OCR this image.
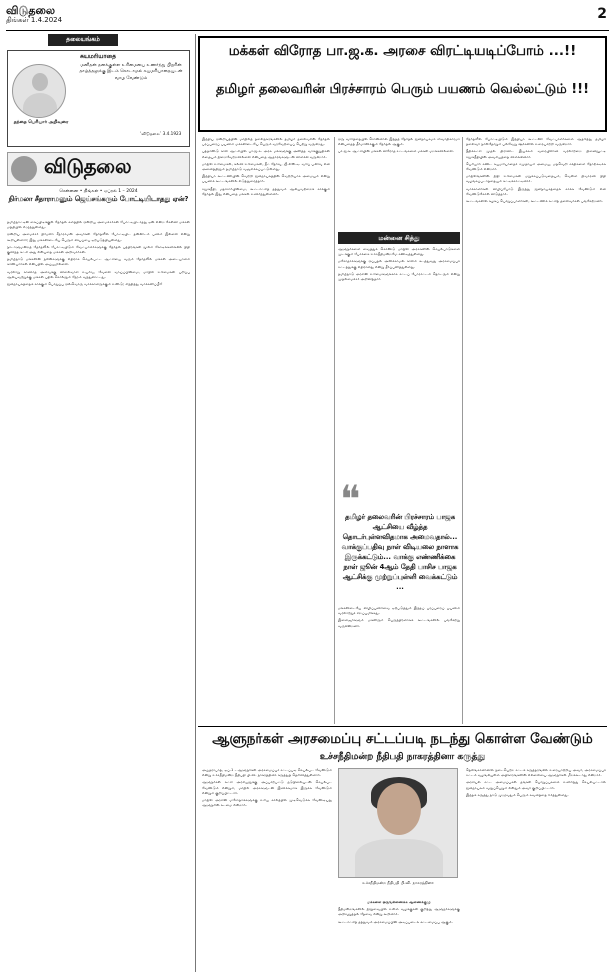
விடுதலை
திங்கள் 1.4.2024	2
தலையங்கம்
தந்தை பெரியார் அறிவுரை
சுயமரியாதை
மனிதன் தனக்குள்ள உரிமையை உணர்ந்து பிறரின் தாழ்த்தலுக்கு இடம் கொடாமல் சுயமரியாதையுடன் வாழ வேண்டும்
‘விடுதலை’ 3.4.1923
விடுதலை
சென்னை • திங்கள் • ஏப்ரல் 1 – 2024
நிர்மலா சீதாராமனும் ஜெய்சங்கரும் போட்டியிடாதது ஏன்?

தமிழ்நாட்டின் கைப்பிடிக்குள் தேர்தல் களத்தில் ஒன்றிய அமைச்சர்கள் போட்டியிடாதது ஏன் என்ற கேள்வி மக்கள் மத்தியில் எழுந்துள்ளது.

ஒன்றிய அமைச்சர் நிர்மலா சீதாராமன் அவர்கள் தேர்தலில் போட்டியிட தன்னிடம் பணம் இல்லை என்று கூறியுள்ளார்; இது மக்களிடையே பெரும் வியப்பை ஏற்படுத்தியுள்ளது.

நாடாளுமன்றத் தேர்தலில் போட்டியிடும் வேட்பாளர்களுக்கு தேர்தல் பத்திரங்கள் மூலம் கோடிக்கணக்கில் நிதி குவிந்த கட்சி அது என்பதை மக்கள் அறிவார்கள்.

தமிழ்நாடு மக்களின் நலன்களுக்கு எதிராக செயல்பட்ட ஆட்சியை வரும் தேர்தலில் மக்கள் அடையாளம் காண்பார்கள் என்பதில் அய்யமில்லை.

வரலாறு காணாத அளவுக்கு விலைவாசி உயர்வு, வேலை வாய்ப்பின்மை, மாநில உரிமைகள் பறிப்பு ஆகியவற்றுக்கு மக்கள் பதில் சொல்லும் நேரம் வந்துவிட்டது.

ஜனநாயகத்தைக் காக்கும் பொறுப்பு ஒவ்வொரு வாக்காளருக்கும் உண்டு; சிந்தித்து வாக்களிப்பீர்!

மக்கள் விரோத பா.ஜ.க. அரசை விரட்டியடிப்போம் ...!!
தமிழர் தலைவரின் பிரச்சாரம் பெரும் பயணம் வெல்லட்டும் !!!

இந்திய ஒன்றியத்தின் மாநிலத் தலைநகரங்களில் தமிழர் தலைவரின் தேர்தல் பரப்புரைப் பயணம் மக்களிடையே பெரும் வரவேற்பைப் பெற்று வருகிறது.

பத்தாண்டு கால ஆட்சியில் பா.ஜ.க. அரசு மக்களுக்கு அளித்த வாக்குறுதிகள் எதையும் நிறைவேற்றவில்லை என்பதை ஆதாரங்களுடன் விளக்கி வருகிறார்.

மாநில உரிமைகள், கல்வி உரிமைகள், நீட் தேர்வு, ஜி.எஸ்.டி. வரிப் பகிர்வு என அனைத்திலும் தமிழ்நாடு வஞ்சிக்கப்பட்டுள்ளது.

இந்தியா கூட்டணியின் வெற்றி ஜனநாயகத்தின் வெற்றியாக அமையும் என்று பயணக் கூட்டங்களில் எடுத்துரைத்தார்.

சமூகநீதி, மதச்சார்பின்மை, கூட்டாட்சித் தத்துவம் ஆகியவற்றைக் காக்கும் தேர்தல் இது என்பதை மக்கள் உணர்ந்துள்ளனர்.

ஒரு வார்த்தையில் சொன்னால் இந்தத் தேர்தல் ஜனநாயகமா சர்வாதிகாரமா என்பதைத் தீர்மானிக்கும் தேர்தல் ஆகும்.

பா.ஜ.க. ஆட்சியின் மக்கள் விரோத சட்டங்களை மக்கள் மறக்கவில்லை.

மன்னை சித்து

ஆளுநர்களை வைத்துக் கொண்டு மாநில அரசுகளின் செயல்பாடுகளை முடக்கும் போக்கை உச்சநீதிமன்றமே கண்டித்துள்ளது.

மசோதாக்களுக்கு ஒப்புதல் அளிக்காமல் காலம் கடத்துவது அரசமைப்புச் சட்டத்துக்கு எதிரானது என்று தீர்ப்பளித்துள்ளது.

தமிழ்நாடு அரசின் உரிமைகளுக்காக சட்டப் போராட்டம் தொடரும் என்று முதலமைச்சர் அறிவித்தார்.

❝
தமிழர் தலைவரின் பிரச்சாரம் பாஜக ஆட்சியை வீழ்த்த தொடர்புள்ளவிதமாக அமைவதால்... வாக்குப்பதிவு நாள் விடியலை நாளாக இருக்கட்டும்... வாக்கு எண்ணிக்கை நாள் ஜூன் 4ஆம் தேதி பாசிச பாஜக ஆட்சிக்கு முற்றுப்புள்ளி வைக்கட்டும் ...

மக்களிடையே விழிப்புணர்வை ஏற்படுத்தும் இந்தப் பரப்புரைப் பயணம் வரலாற்றுச் சிறப்புமிக்கது.

இளைஞர்களும் மகளிரும் பெருந்திரளாகக் கூட்டங்களில் பங்கேற்று வருகின்றனர்.

தேர்தலில் போட்டியிடும் இந்தியா கூட்டணி வேட்பாளர்களை ஆதரித்து தமிழர் தலைவர் நாள்தோறும் பல்வேறு ஊர்களில் உரையாற்றி வருகிறார்.

நீதிக்கட்சி முதல் திராவிட இயக்கம் வரையிலான வரலாற்றை நினைவூட்டி சமூகநீதியின் அவசியத்தை விளக்கினார்.

பெரியார் கண்ட சுயமரியாதைச் சமுதாயம் அமைய, மதவெறி சக்திகளை தோற்கடிக்க வேண்டும் என்றார்.

மாநிலங்களின் நிதி உரிமைகள் மறுக்கப்படுவதையும், வெள்ள நிவாரண நிதி வழங்கப்படாததையும் சுட்டிக்காட்டினார்.

வாக்காளர்கள் விழிப்போடு இருந்து ஜனநாயகத்தைக் காக்க வேண்டும் என வேண்டுகோள் விடுத்தார்.

கூட்டங்களில் கழகப் பொறுப்பாளர்கள், கூட்டணிக் கட்சித் தலைவர்கள் பங்கேற்றனர்.

ஆளுநர்கள் அரசமைப்பு சட்டப்படி நடந்து கொள்ள வேண்டும்
உச்சநீதிமன்ற நீதிபதி நாகரத்தினா கருத்து

அய்தராபாத், ஏப்.1 – ஆளுநர்கள் அரசமைப்புச் சட்டப்படி செயல்பட வேண்டும் என்று உச்சநீதிமன்ற நீதிபதி பி.வி. நாகரத்தினா கருத்துத் தெரிவித்துள்ளார்.

ஆளுநர்கள் கட்சி அரசியலுக்கு அப்பாற்பட்டு நடுநிலையுடன் செயல்பட வேண்டும் என்றும், மாநில அரசுகளுடன் இணக்கமாக இருக்க வேண்டும் என்றும் குறிப்பிட்டார்.

மாநில அரசின் மசோதாக்களுக்கு உரிய காலத்தில் முடிவெடுக்க வேண்டியது ஆளுநரின் கடமை என்றார்.

உச்சநீதிமன்ற நீதிபதி பி.வி. நாகரத்தினா

மக்களை ஒருங்கிணைக்க ஆணைக்குழு

நீதிமன்றங்களில் நிலுவையில் உள்ள வழக்குகள் குறித்து ஆளுநர்களுக்கு அறிவுறுத்தல் தேவை என்று கூறினார்.

கூட்டாட்சித் தத்துவம் அரசமைப்பின் அடிப்படைக் கட்டமைப்பு ஆகும்.

தெலங்கானாவில் நடைபெற்ற சட்டக் கருத்தரங்கில் உரையாற்றிய அவர், அரசமைப்புச் சட்டம் வழங்கியுள்ள அதிகாரங்களின் எல்லையை ஆளுநர்கள் மீறக்கூடாது என்றார்.

அரசியல் சட்ட அமைப்புகள் தங்கள் பொறுப்புகளை உணர்ந்து செயல்பட்டால் ஜனநாயகம் வலுப்பெறும் என்றும் அவர் குறிப்பிட்டார்.

இந்தக் கருத்து நாடு முழுவதும் பெரும் கவனத்தை ஈர்த்துள்ளது.
